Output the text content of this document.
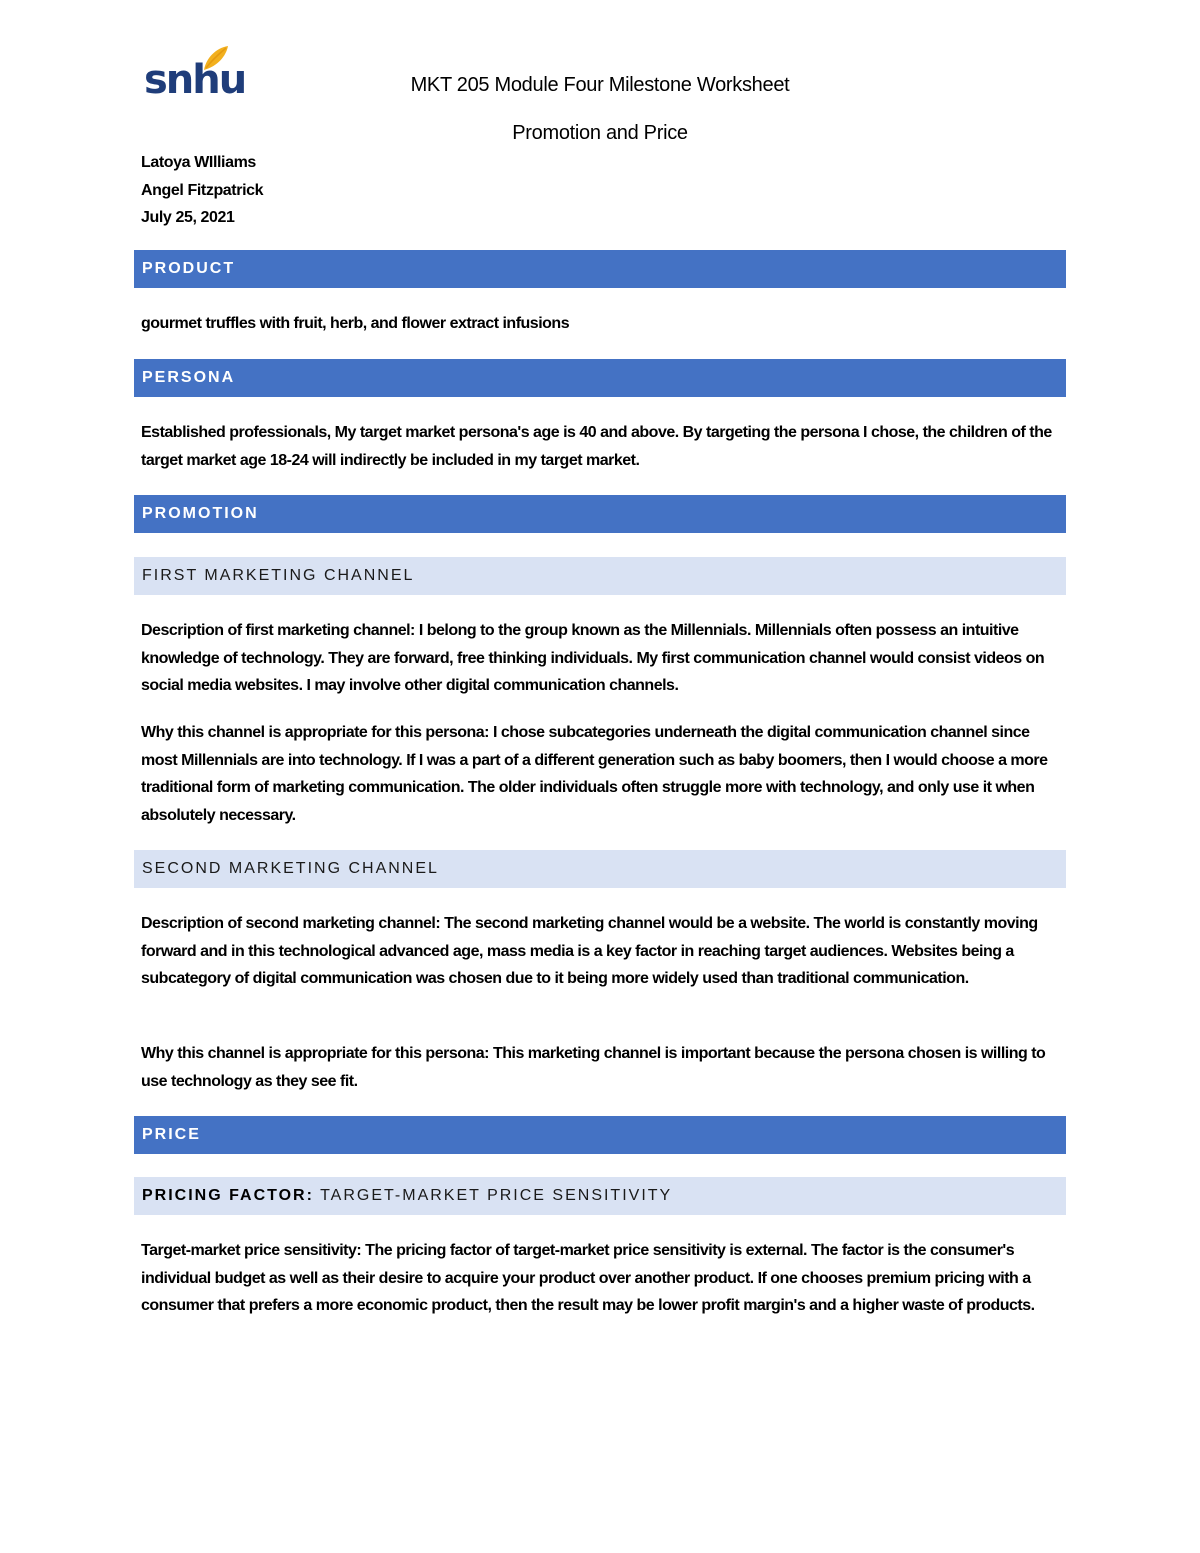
snhu	MKT 205 Module Four Milestone Worksheet
Promotion and Price
Latoya WIlliams
Angel Fitzpatrick
July 25, 2021
PRODUCT

gourmet truffles with fruit, herb, and flower extract infusions

PERSONA

Established professionals, My target market persona's age is 40 and above. By targeting the persona I chose, the children of the target market age 18-24 will indirectly be included in my target market.

PROMOTION
FIRST MARKETING CHANNEL

Description of first marketing channel: I belong to the group known as the Millennials. Millennials often possess an intuitive knowledge of technology. They are forward, free thinking individuals. My first communication channel would consist videos on social media websites. I may involve other digital communication channels.

Why this channel is appropriate for this persona: I chose subcategories underneath the digital communication channel since most Millennials are into technology. If I was a part of a different generation such as baby boomers, then I would choose a more traditional form of marketing communication. The older individuals often struggle more with technology, and only use it when absolutely necessary.

SECOND MARKETING CHANNEL

Description of second marketing channel: The second marketing channel would be a website. The world is constantly moving forward and in this technological advanced age, mass media is a key factor in reaching target audiences. Websites being a subcategory of digital communication was chosen due to it being more widely used than traditional communication.

Why this channel is appropriate for this persona: This marketing channel is important because the persona chosen is willing to use technology as they see fit.

PRICE
PRICING FACTOR: TARGET-MARKET PRICE SENSITIVITY

Target-market price sensitivity: The pricing factor of target-market price sensitivity is external. The factor is the consumer's individual budget as well as their desire to acquire your product over another product. If one chooses premium pricing with a consumer that prefers a more economic product, then the result may be lower profit margin's and a higher waste of products.
